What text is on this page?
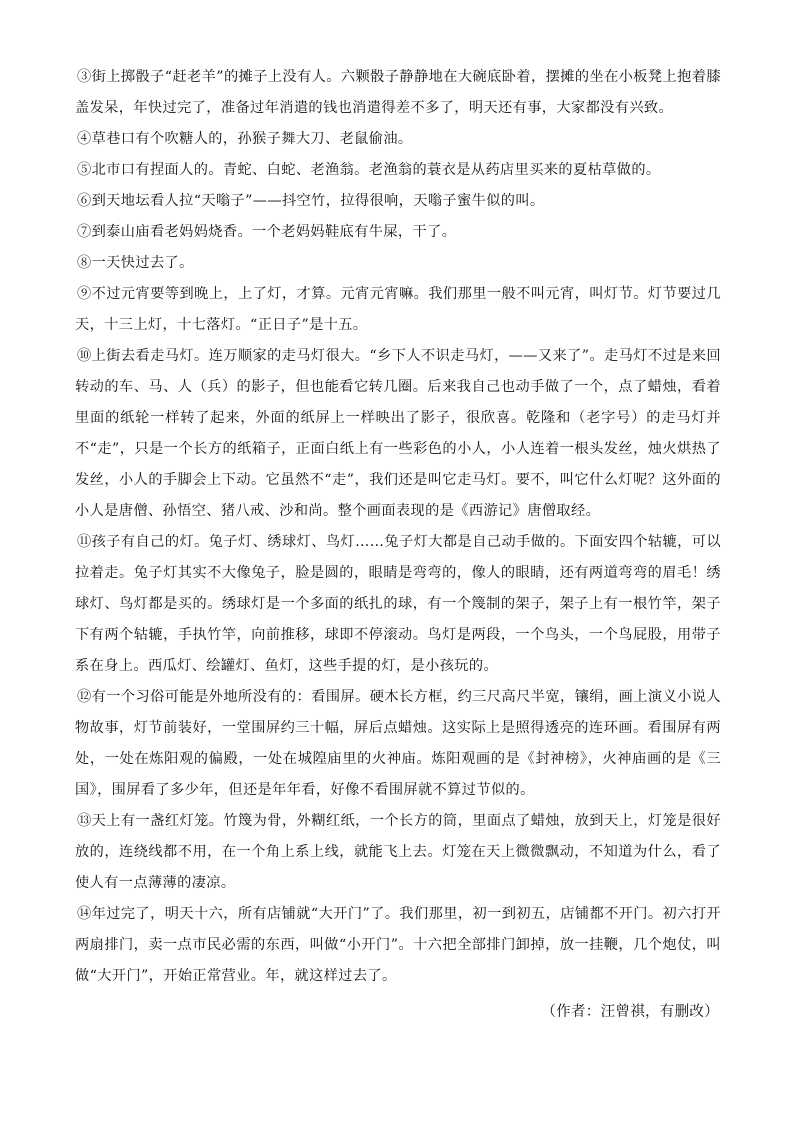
③街上掷骰子“赶老羊”的摊子上没有人。六颗骰子静静地在大碗底卧着，摆摊的坐在小板凳上抱着膝盖发呆，年快过完了，准备过年消遣的钱也消遣得差不多了，明天还有事，大家都没有兴致。

④草巷口有个吹糖人的，孙猴子舞大刀、老鼠偷油。

⑤北市口有捏面人的。青蛇、白蛇、老渔翁。老渔翁的蓑衣是从药店里买来的夏枯草做的。

⑥到天地坛看人拉“天嗡子”——抖空竹，拉得很响，天嗡子蜜牛似的叫。

⑦到泰山庙看老妈妈烧香。一个老妈妈鞋底有牛屎，干了。

⑧一天快过去了。

⑨不过元宵要等到晚上，上了灯，才算。元宵元宵嘛。我们那里一般不叫元宵，叫灯节。灯节要过几天，十三上灯，十七落灯。“正日子”是十五。

⑩上街去看走马灯。连万顺家的走马灯很大。“乡下人不识走马灯，——又来了”。走马灯不过是来回转动的车、马、人（兵）的影子，但也能看它转几圈。后来我自己也动手做了一个，点了蜡烛，看着里面的纸轮一样转了起来，外面的纸屏上一样映出了影子，很欣喜。乾隆和（老字号）的走马灯并不“走”，只是一个长方的纸箱子，正面白纸上有一些彩色的小人，小人连着一根头发丝，烛火烘热了发丝，小人的手脚会上下动。它虽然不“走”，我们还是叫它走马灯。要不，叫它什么灯呢？这外面的小人是唐僧、孙悟空、猪八戒、沙和尚。整个画面表现的是《西游记》唐僧取经。

⑪孩子有自己的灯。兔子灯、绣球灯、鸟灯……兔子灯大都是自己动手做的。下面安四个轱辘，可以拉着走。兔子灯其实不大像兔子，脸是圆的，眼睛是弯弯的，像人的眼睛，还有两道弯弯的眉毛！绣球灯、鸟灯都是买的。绣球灯是一个多面的纸扎的球，有一个篾制的架子，架子上有一根竹竿，架子下有两个轱辘，手执竹竿，向前推移，球即不停滚动。鸟灯是两段，一个鸟头，一个鸟屁股，用带子系在身上。西瓜灯、绘罐灯、鱼灯，这些手提的灯，是小孩玩的。

⑫有一个习俗可能是外地所没有的：看围屏。硬木长方框，约三尺高尺半宽，镶绢，画上演义小说人物故事，灯节前装好，一堂围屏约三十幅，屏后点蜡烛。这实际上是照得透亮的连环画。看围屏有两处，一处在炼阳观的偏殿，一处在城隍庙里的火神庙。炼阳观画的是《封神榜》，火神庙画的是《三国》，围屏看了多少年，但还是年年看，好像不看围屏就不算过节似的。

⑬天上有一盏红灯笼。竹篾为骨，外糊红纸，一个长方的筒，里面点了蜡烛，放到天上，灯笼是很好放的，连绕线都不用，在一个角上系上线，就能飞上去。灯笼在天上微微飘动，不知道为什么，看了使人有一点薄薄的凄凉。

⑭年过完了，明天十六，所有店铺就“大开门”了。我们那里，初一到初五，店铺都不开门。初六打开两扇排门，卖一点市民必需的东西，叫做“小开门”。十六把全部排门卸掉，放一挂鞭，几个炮仗，叫做“大开门”，开始正常营业。年，就这样过去了。

（作者：汪曾祺，有删改）
